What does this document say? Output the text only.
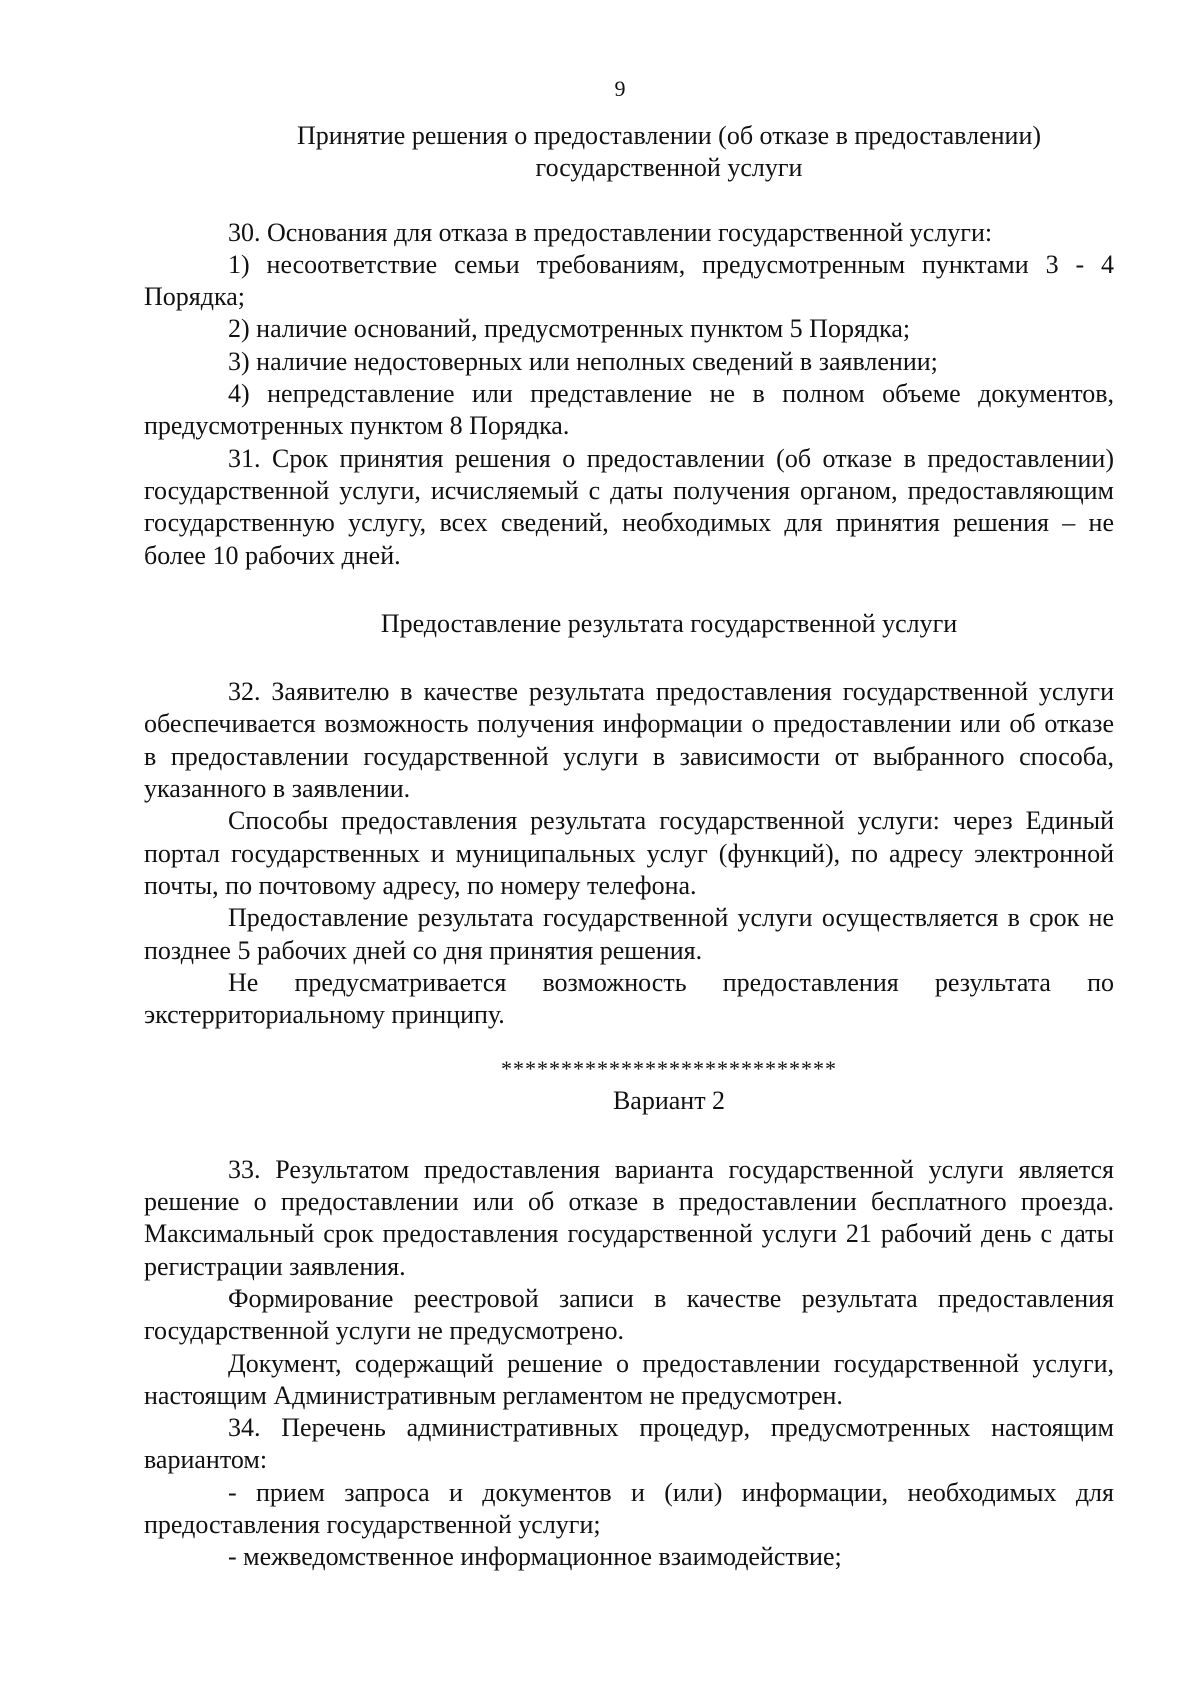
9
Принятие решения о предоставлении (об отказе в предоставлении)
государственной услуги

30. Основания для отказа в предоставлении государственной услуги:

1) несоответствие семьи требованиям, предусмотренным пунктами 3 - 4 Порядка;

2) наличие оснований, предусмотренных пунктом 5 Порядка;

3) наличие недостоверных или неполных сведений в заявлении;

4) непредставление или представление не в полном объеме документов, предусмотренных пунктом 8 Порядка.

31. Срок принятия решения о предоставлении (об отказе в предоставлении) государственной услуги, исчисляемый с даты получения органом, предоставляющим государственную услугу, всех сведений, необходимых для принятия решения – не более 10 рабочих дней.

Предоставление результата государственной услуги

32. Заявителю в качестве результата предоставления государственной услуги обеспечивается возможность получения информации о предоставлении или об отказе в предоставлении государственной услуги в зависимости от выбранного способа, указанного в заявлении.

Способы предоставления результата государственной услуги: через Единый портал государственных и муниципальных услуг (функций), по адресу электронной почты, по почтовому адресу, по номеру телефона.

Предоставление результата государственной услуги осуществляется в срок не позднее 5 рабочих дней со дня принятия решения.

Не предусматривается возможность предоставления результата по экстерриториальному принципу.

****************************
Вариант 2

33. Результатом предоставления варианта государственной услуги является решение о предоставлении или об отказе в предоставлении бесплатного проезда. Максимальный срок предоставления государственной услуги 21 рабочий день с даты регистрации заявления.

Формирование реестровой записи в качестве результата предоставления государственной услуги не предусмотрено.

Документ, содержащий решение о предоставлении государственной услуги, настоящим Административным регламентом не предусмотрен.

34. Перечень административных процедур, предусмотренных настоящим вариантом:

- прием запроса и документов и (или) информации, необходимых для предоставления государственной услуги;

- межведомственное информационное взаимодействие;
